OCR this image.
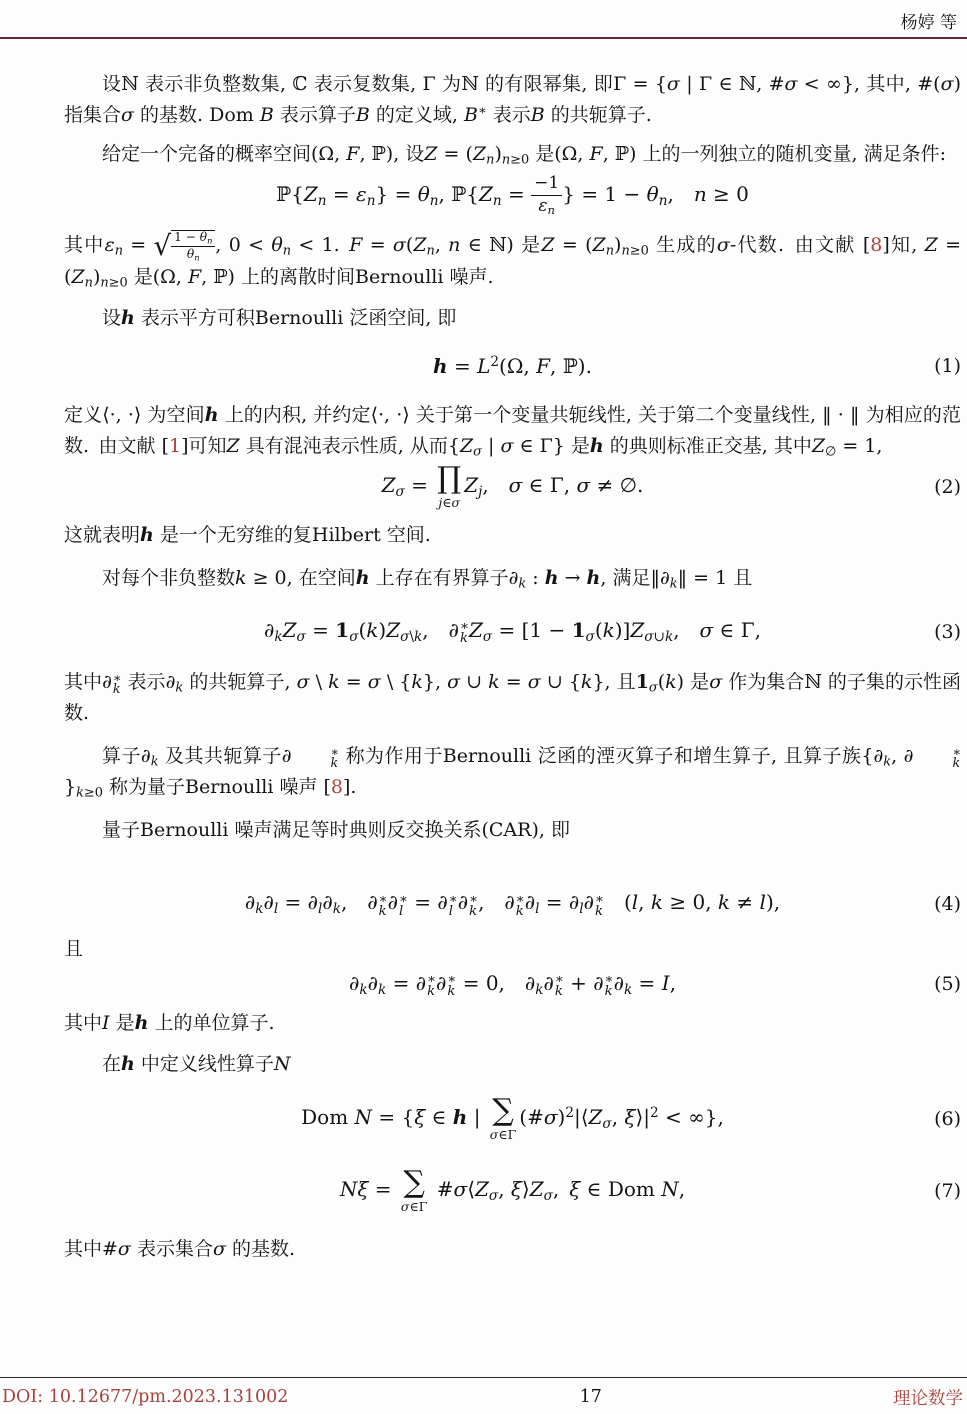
杨婷 等

设ℕ 表示非负整数集, ℂ 表示复数集, Γ 为ℕ 的有限幂集, 即Γ = {σ | Γ ∈ ℕ, #σ < ∞}, 其中, #(σ) 指集合σ 的基数. Dom B 表示算子B 的定义域, B∗ 表示B 的共轭算子.

给定一个完备的概率空间(Ω, F, ℙ), 设$Z = (Z_n)_{n\ge 0}$ 是(Ω, F, ℙ) 上的一列独立的随机变量, 满足条件:

$ℙ\{Z_n = \varepsilon_n\} = \theta_n$, $ℙ\{Z_n = \frac{-1}{\varepsilon_n}$ } = $1 - \theta_n$, n ≥ 0

其中$\varepsilon_n$ = √ $\frac{1 - \theta_n}{\theta_n}$ , $0 < \theta_n < 1$. $F = \sigma(Z_n$, n ∈ ℕ) 是$Z = (Z_n)_{n\ge 0}$ 生成的σ-代数. 由文献 [8]知, $Z = (Z_n)_{n\ge 0}$ 是(Ω, F, ℙ) 上的离散时间Bernoulli 噪声.

设h 表示平方可积Bernoulli 泛函空间, 即

$h = L^2(\Omega$, F, ℙ).	(1)

定义⟨·, ·⟩ 为空间h 上的内积, 并约定⟨·, ·⟩ 关于第一个变量共轭线性, 关于第二个变量线性, ‖ · ‖ 为相应的范数. 由文献 [1]可知Z 具有混沌表示性质, 从而{$Z_\sigma$ | σ ∈ Γ} 是h 的典则标准正交基, 其中$Z_\emptyset = 1$,

$Z_\sigma$ = ∏
j∈σ
$Z_j$, σ ∈ Γ, σ ≠ ∅.	(2)

这就表明h 是一个无穷维的复Hilbert 空间.

对每个非负整数k ≥ 0, 在空间h 上存在有界算子$\partial_k$ : h → h, 满足$‖\partial_k‖ = 1$ 且

$\partial_kZ_\sigma = 1_\sigma(k)Z_{\sigma\backslash k}$, ∂ ∗
k $Z_\sigma = [1 - 1_\sigma(k)]Z_{\sigma\cup k}$, σ ∈ Γ,	(3)

其中∂ ∗
k 表示$\partial_k$ 的共轭算子, σ \ k = σ \ {k}, σ ∪ k = σ ∪ {k}, 且$1_\sigma(k)$ 是σ 作为集合ℕ 的子集的示性函数.

算子$\partial_k$ 及其共轭算子∂	∗
k 称为作用于Bernoulli 泛函的湮灭算子和增生算子, 且算子族{$\partial_k$, ∂	∗
k
}$_{k\ge 0}$ 称为量子Bernoulli 噪声 [8].

量子Bernoulli 噪声满足等时典则反交换关系(CAR), 即

$\partial_k\partial_l = \partial_l\partial_k$, ∂ ∗
k ∂ ∗
l = ∂ ∗
l ∂ ∗
k , ∂ ∗
k $\partial_l = \partial_l\partial$ ∗
k  (l, k ≥ 0, k ≠ l),	(4)

且

$\partial_k\partial_k$ = ∂ ∗
k ∂ ∗
k = 0, $\partial_k\partial$ ∗
k + ∂ ∗
k $\partial_k = I$,	(5)

其中I 是h 上的单位算子.

在h 中定义线性算子N

Dom N = {ξ ∈ h | ∑
σ∈Γ
$(\#\sigma)^2|⟨Z_\sigma$, $\xi⟩|^2$ < ∞},	(6)
Nξ = ∑
σ∈Γ
$\#\sigma⟨Z_\sigma$, $\xi⟩Z_\sigma$, ξ ∈ Dom N,	(7)

其中#σ 表示集合σ 的基数.

DOI: 10.12677/pm.2023.131002	17	理论数学
